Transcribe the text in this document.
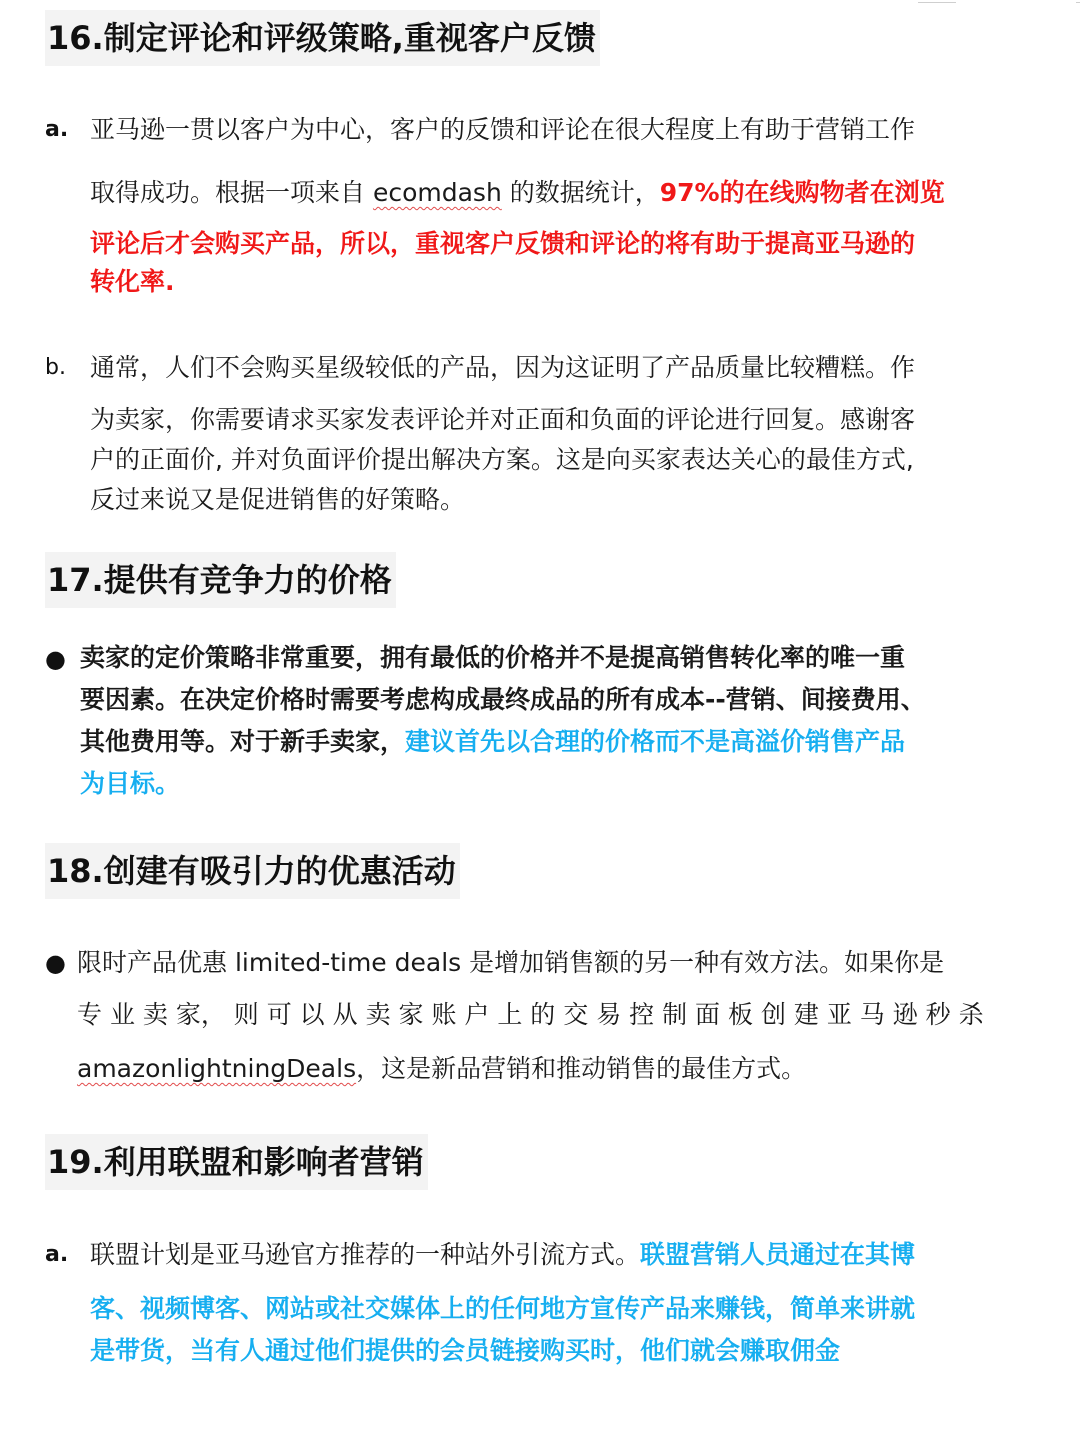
16.制定评论和评级策略,重视客户反馈
a. 亚马逊一贯以客户为中心，客户的反馈和评论在很大程度上有助于营销工作
取得成功。根据一项来自 ecomdash 的数据统计，97%的在线购物者在浏览
评论后才会购买产品，所以，重视客户反馈和评论的将有助于提高亚马逊的
转化率.
b. 通常，人们不会购买星级较低的产品，因为这证明了产品质量比较糟糕。作
为卖家，你需要请求买家发表评论并对正面和负面的评论进行回复。感谢客
户的正面价, 并对负面评价提出解决方案。这是向买家表达关心的最佳方式,
反过来说又是促进销售的好策略。
17.提供有竞争力的价格
● 卖家的定价策略非常重要，拥有最低的价格并不是提高销售转化率的唯一重
要因素。在决定价格时需要考虑构成最终成品的所有成本--营销、间接费用、
其他费用等。对于新手卖家，建议首先以合理的价格而不是高溢价销售产品
为目标。
18.创建有吸引力的优惠活动
● 限时产品优惠 limited-time deals 是增加销售额的另一种有效方法。如果你是
专 业 卖 家， 则 可 以 从 卖 家 账 户 上 的 交 易 控 制 面 板 创 建 亚 马 逊 秒 杀
amazonlightningDeals，这是新品营销和推动销售的最佳方式。
19.利用联盟和影响者营销
a. 联盟计划是亚马逊官方推荐的一种站外引流方式。联盟营销人员通过在其博
客、视频博客、网站或社交媒体上的任何地方宣传产品来赚钱，简单来讲就
是带货，当有人通过他们提供的会员链接购买时，他们就会赚取佣金
